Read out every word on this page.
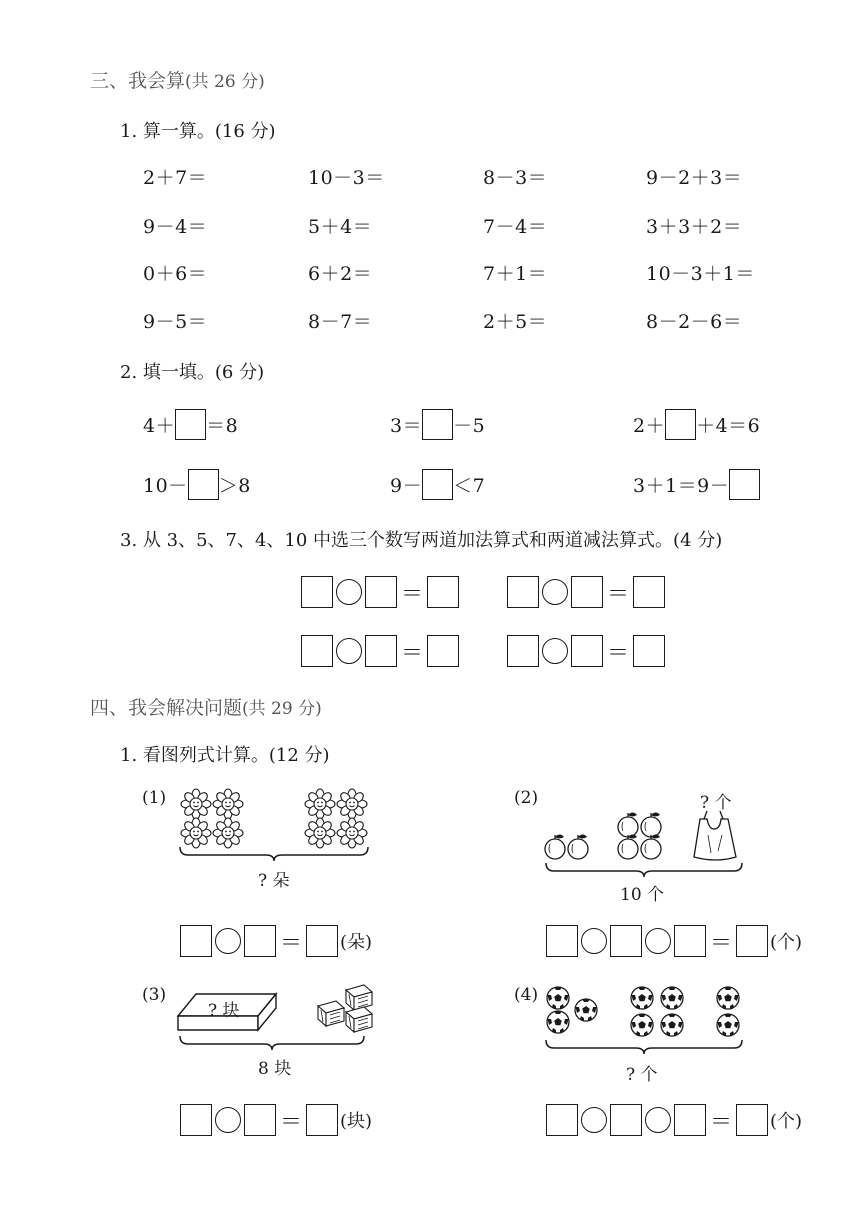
三、我会算(共 26 分)
1. 算一算。(16 分)
2＋7＝	10－3＝	8－3＝	9－2＋3＝
9－4＝	5＋4＝	7－4＝	3＋3＋2＝
0＋6＝	6＋2＝	7＋1＝	10－3＋1＝
9－5＝	8－7＝	2＋5＝	8－2－6＝
2. 填一填。(6 分)
4＋ ＝8	3＝ －5	2＋ ＋4＝6
10－ ＞8	9－ ＜7	3＋1＝9－
3. 从 3、5、7、4、10 中选三个数写两道加法算式和两道减法算式。(4 分)
＝	＝
＝	＝
四、我会解决问题(共 29 分)
1. 看图列式计算。(12 分)
(1)
? 朵
＝ (朵)
(2)	? 个
10 个
＝ (个)
(3)
? 块
8 块
＝ (块)
(4)
? 个
＝ (个)
